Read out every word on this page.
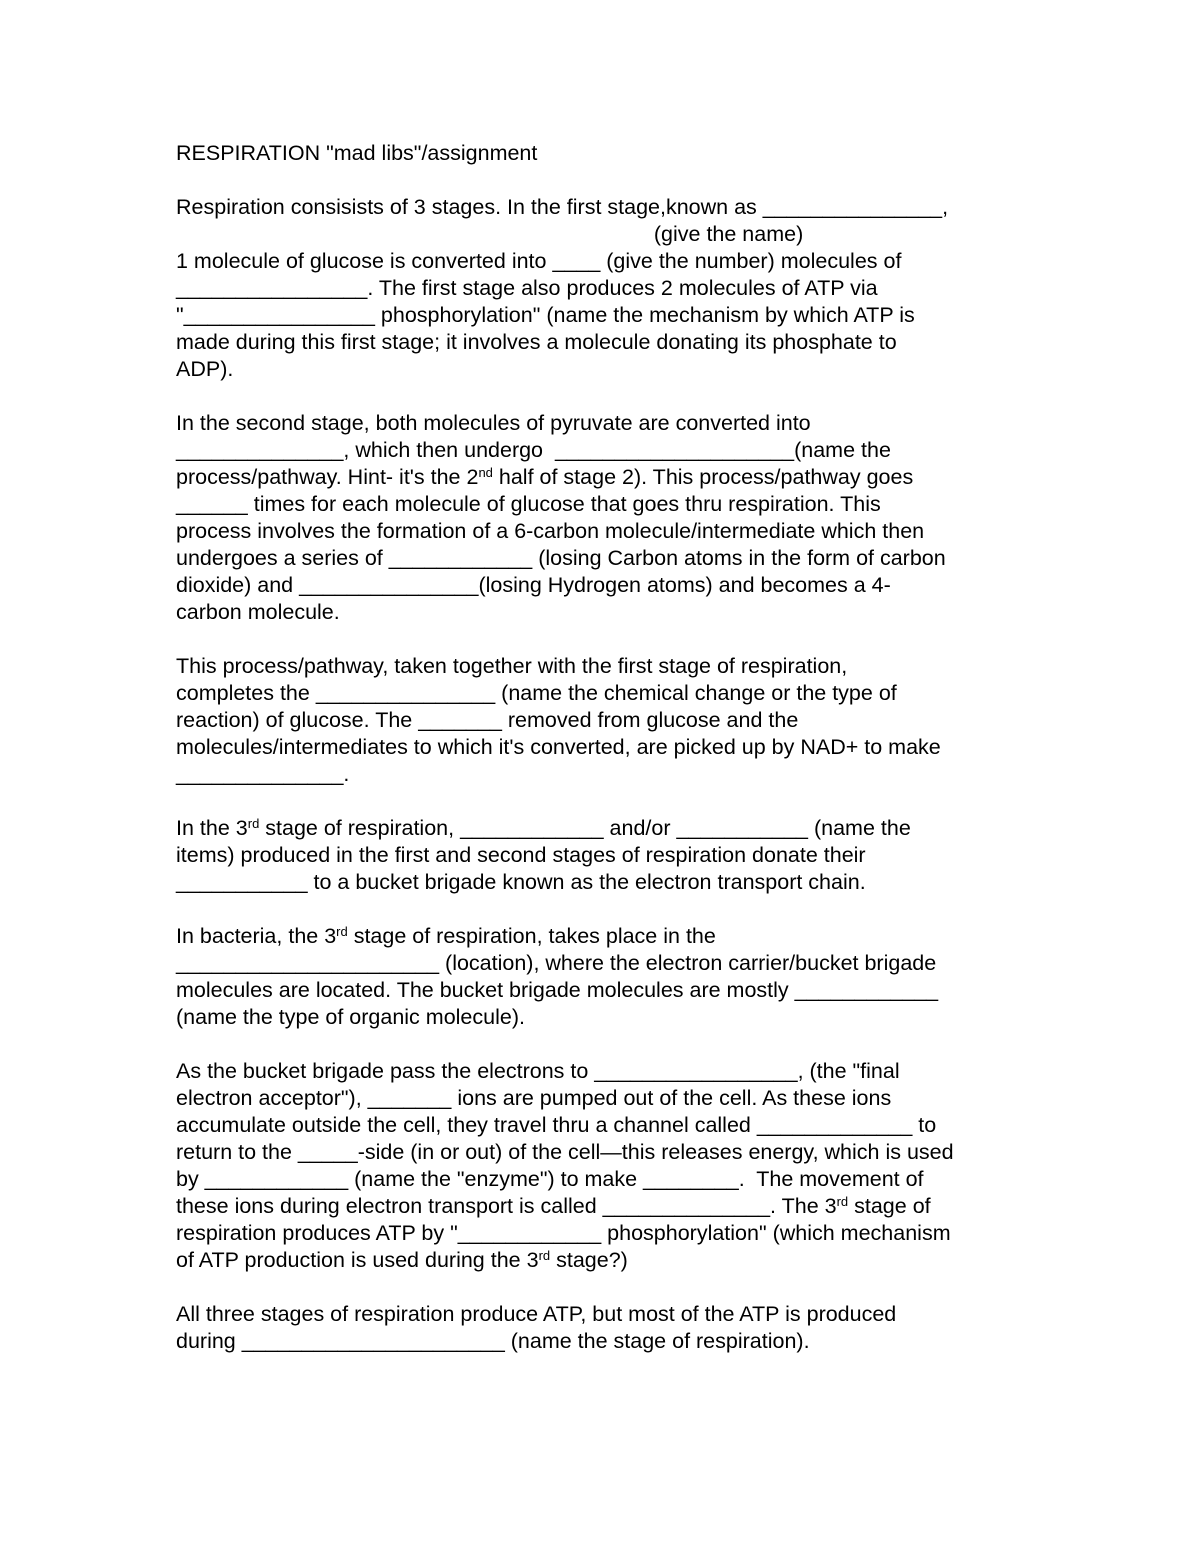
RESPIRATION "mad libs"/assignment
Respiration consisists of 3 stages. In the first stage,known as _______________,
(give the name)
1 molecule of glucose is converted into ____ (give the number) molecules of
________________. The first stage also produces 2 molecules of ATP via
"________________ phosphorylation" (name the mechanism by which ATP is
made during this first stage; it involves a molecule donating its phosphate to
ADP).
In the second stage, both molecules of pyruvate are converted into
______________, which then undergo  ____________________(name the
process/pathway. Hint- it's the 2nd half of stage 2). This process/pathway goes
______ times for each molecule of glucose that goes thru respiration. This
process involves the formation of a 6-carbon molecule/intermediate which then
undergoes a series of ____________ (losing Carbon atoms in the form of carbon
dioxide) and _______________(losing Hydrogen atoms) and becomes a 4-
carbon molecule.
This process/pathway, taken together with the first stage of respiration,
completes the _______________ (name the chemical change or the type of
reaction) of glucose. The _______ removed from glucose and the
molecules/intermediates to which it's converted, are picked up by NAD+ to make
______________.
In the 3rd stage of respiration, ____________ and/or ___________ (name the
items) produced in the first and second stages of respiration donate their
___________ to a bucket brigade known as the electron transport chain.
In bacteria, the 3rd stage of respiration, takes place in the
______________________ (location), where the electron carrier/bucket brigade
molecules are located. The bucket brigade molecules are mostly ____________
(name the type of organic molecule).
As the bucket brigade pass the electrons to _________________, (the "final
electron acceptor"), _______ ions are pumped out of the cell. As these ions
accumulate outside the cell, they travel thru a channel called _____________ to
return to the _____-side (in or out) of the cell—this releases energy, which is used
by ____________ (name the "enzyme") to make ________.  The movement of
these ions during electron transport is called ______________. The 3rd stage of
respiration produces ATP by "____________ phosphorylation" (which mechanism
of ATP production is used during the 3rd stage?)
All three stages of respiration produce ATP, but most of the ATP is produced
during ______________________ (name the stage of respiration).
